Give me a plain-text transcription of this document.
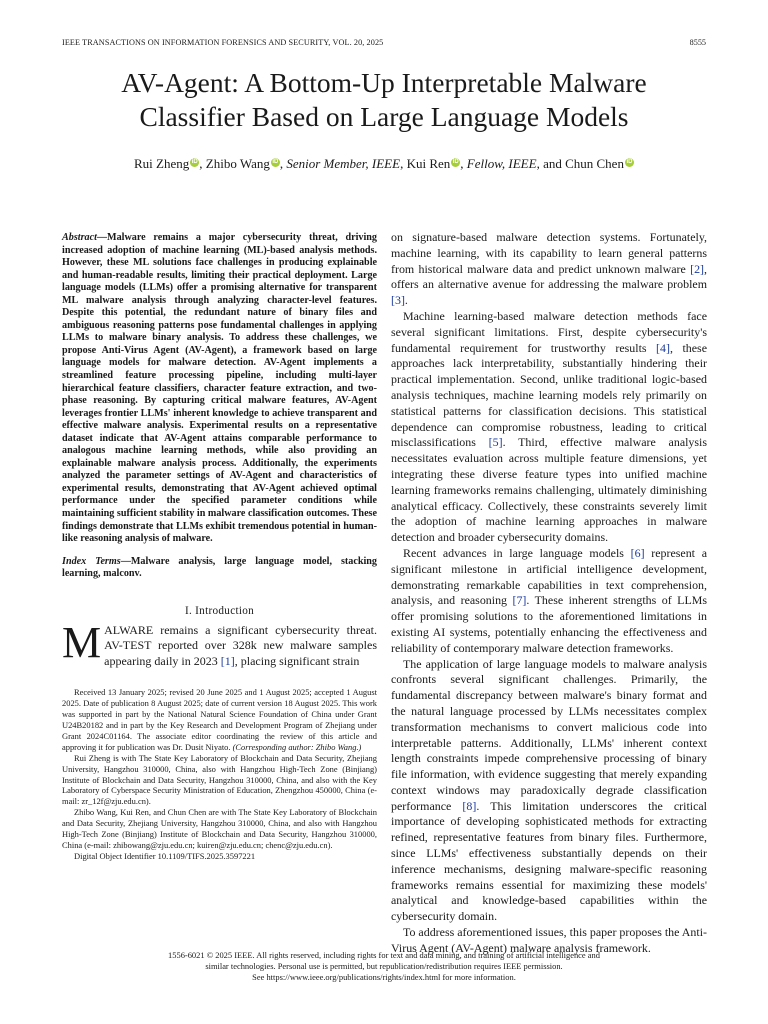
IEEE TRANSACTIONS ON INFORMATION FORENSICS AND SECURITY, VOL. 20, 2025	8555
AV-Agent: A Bottom-Up Interpretable Malware
Classifier Based on Large Language Models
Rui Zheng iD , Zhibo Wang iD , Senior Member, IEEE, Kui Ren iD , Fellow, IEEE, and Chun Chen iD

Abstract—Malware remains a major cybersecurity threat, driving increased adoption of machine learning (ML)-based analysis methods. However, these ML solutions face challenges in producing explainable and human-readable results, limiting their practical deployment. Large language models (LLMs) offer a promising alternative for transparent ML malware analysis through analyzing character-level features. Despite this potential, the redundant nature of binary files and ambiguous reasoning patterns pose fundamental challenges in applying LLMs to malware binary analysis. To address these challenges, we propose Anti-Virus Agent (AV-Agent), a framework based on large language models for malware detection. AV-Agent implements a streamlined feature processing pipeline, including multi-layer hierarchical feature classifiers, character feature extraction, and two-phase reasoning. By capturing critical malware features, AV-Agent leverages frontier LLMs' inherent knowledge to achieve transparent and effective malware analysis. Experimental results on a representative dataset indicate that AV-Agent attains comparable performance to analogous machine learning methods, while also providing an explainable malware analysis process. Additionally, the experiments analyzed the parameter settings of AV-Agent and characteristics of experimental results, demonstrating that AV-Agent achieved optimal performance under the specified parameter conditions while maintaining sufficient stability in malware classification outcomes. These findings demonstrate that LLMs exhibit tremendous potential in human-like reasoning analysis of malware.

Index Terms—Malware analysis, large language model, stacking learning, malconv.

I. Introduction

MALWARE remains a significant cybersecurity threat. AV-TEST reported over 328k new malware samples appearing daily in 2023 [1], placing significant strain

Received 13 January 2025; revised 20 June 2025 and 1 August 2025; accepted 1 August 2025. Date of publication 8 August 2025; date of current version 18 August 2025. This work was supported in part by the National Natural Science Foundation of China under Grant U24B20182 and in part by the Key Research and Development Program of Zhejiang under Grant 2024C01164. The associate editor coordinating the review of this article and approving it for publication was Dr. Dusit Niyato. (Corresponding author: Zhibo Wang.)

Rui Zheng is with The State Key Laboratory of Blockchain and Data Security, Zhejiang University, Hangzhou 310000, China, also with Hangzhou High-Tech Zone (Binjiang) Institute of Blockchain and Data Security, Hangzhou 310000, China, and also with the Key Laboratory of Cyberspace Security Ministration of Education, Zhengzhou 450000, China (e-mail: zr_12f@zju.edu.cn).

Zhibo Wang, Kui Ren, and Chun Chen are with The State Key Laboratory of Blockchain and Data Security, Zhejiang University, Hangzhou 310000, China, and also with Hangzhou High-Tech Zone (Binjiang) Institute of Blockchain and Data Security, Hangzhou 310000, China (e-mail: zhibowang@zju.edu.cn; kuiren@zju.edu.cn; chenc@zju.edu.cn).

Digital Object Identifier 10.1109/TIFS.2025.3597221

on signature-based malware detection systems. Fortunately, machine learning, with its capability to learn general patterns from historical malware data and predict unknown malware [2], offers an alternative avenue for addressing the malware problem [3].

Machine learning-based malware detection methods face several significant limitations. First, despite cybersecurity's fundamental requirement for trustworthy results [4], these approaches lack interpretability, substantially hindering their practical implementation. Second, unlike traditional logic-based analysis techniques, machine learning models rely primarily on statistical patterns for classification decisions. This statistical dependence can compromise robustness, leading to critical misclassifications [5]. Third, effective malware analysis necessitates evaluation across multiple feature dimensions, yet integrating these diverse feature types into unified machine learning frameworks remains challenging, ultimately diminishing analytical efficacy. Collectively, these constraints severely limit the adoption of machine learning approaches in malware detection and broader cybersecurity domains.

Recent advances in large language models [6] represent a significant milestone in artificial intelligence development, demonstrating remarkable capabilities in text comprehension, analysis, and reasoning [7]. These inherent strengths of LLMs offer promising solutions to the aforementioned limitations in existing AI systems, potentially enhancing the effectiveness and reliability of contemporary malware detection frameworks.

The application of large language models to malware analysis confronts several significant challenges. Primarily, the fundamental discrepancy between malware's binary format and the natural language processed by LLMs necessitates complex transformation mechanisms to convert malicious code into interpretable patterns. Additionally, LLMs' inherent context length constraints impede comprehensive processing of binary file information, with evidence suggesting that merely expanding context windows may paradoxically degrade classification performance [8]. This limitation underscores the critical importance of developing sophisticated methods for extracting refined, representative features from binary files. Furthermore, since LLMs' effectiveness substantially depends on their inference mechanisms, designing malware-specific reasoning frameworks remains essential for maximizing these models' analytical and knowledge-based capabilities within the cybersecurity domain.

To address aforementioned issues, this paper proposes the Anti-Virus Agent (AV-Agent) malware analysis framework.

1556-6021 © 2025 IEEE. All rights reserved, including rights for text and data mining, and training of artificial intelligence and

similar technologies. Personal use is permitted, but republication/redistribution requires IEEE permission.

See https://www.ieee.org/publications/rights/index.html for more information.
